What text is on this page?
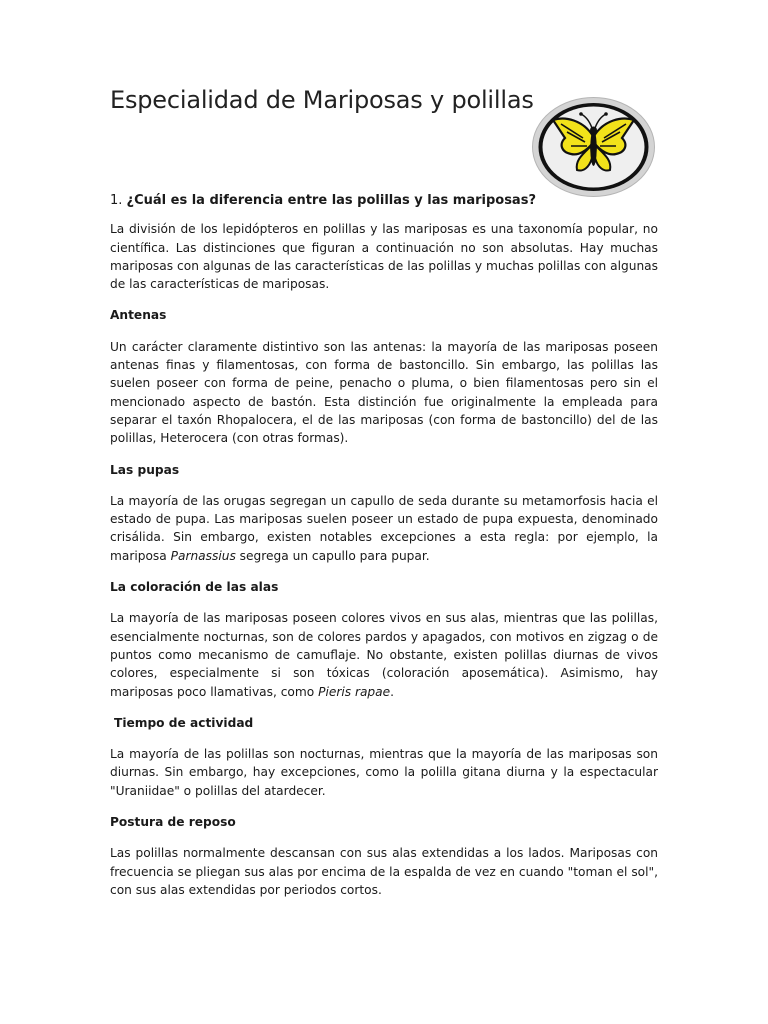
Especialidad de Mariposas y polillas
1. ¿Cuál es la diferencia entre las polillas y las mariposas?

La división de los lepidópteros en polillas y las mariposas es una taxonomía popular, no científica. Las distinciones que figuran a continuación no son absolutas. Hay muchas mariposas con algunas de las características de las polillas y muchas polillas con algunas de las características de mariposas.

Antenas

Un carácter claramente distintivo son las antenas: la mayoría de las mariposas poseen antenas finas y filamentosas, con forma de bastoncillo. Sin embargo, las polillas las suelen poseer con forma de peine, penacho o pluma, o bien filamentosas pero sin el mencionado aspecto de bastón. Esta distinción fue originalmente la empleada para separar el taxón Rhopalocera, el de las mariposas (con forma de bastoncillo) del de las polillas, Heterocera (con otras formas).

Las pupas

La mayoría de las orugas segregan un capullo de seda durante su metamorfosis hacia el estado de pupa. Las mariposas suelen poseer un estado de pupa expuesta, denominado crisálida. Sin embargo, existen notables excepciones a esta regla: por ejemplo, la mariposa Parnassius segrega un capullo para pupar.

La coloración de las alas

La mayoría de las mariposas poseen colores vivos en sus alas, mientras que las polillas, esencialmente nocturnas, son de colores pardos y apagados, con motivos en zigzag o de puntos como mecanismo de camuflaje. No obstante, existen polillas diurnas de vivos colores, especialmente si son tóxicas (coloración aposemática). Asimismo, hay mariposas poco llamativas, como Pieris rapae.

Tiempo de actividad

La mayoría de las polillas son nocturnas, mientras que la mayoría de las mariposas son diurnas. Sin embargo, hay excepciones, como la polilla gitana diurna y la espectacular "Uraniidae" o polillas del atardecer.

Postura de reposo

Las polillas normalmente descansan con sus alas extendidas a los lados. Mariposas con frecuencia se pliegan sus alas por encima de la espalda de vez en cuando "toman el sol", con sus alas extendidas por periodos cortos.
